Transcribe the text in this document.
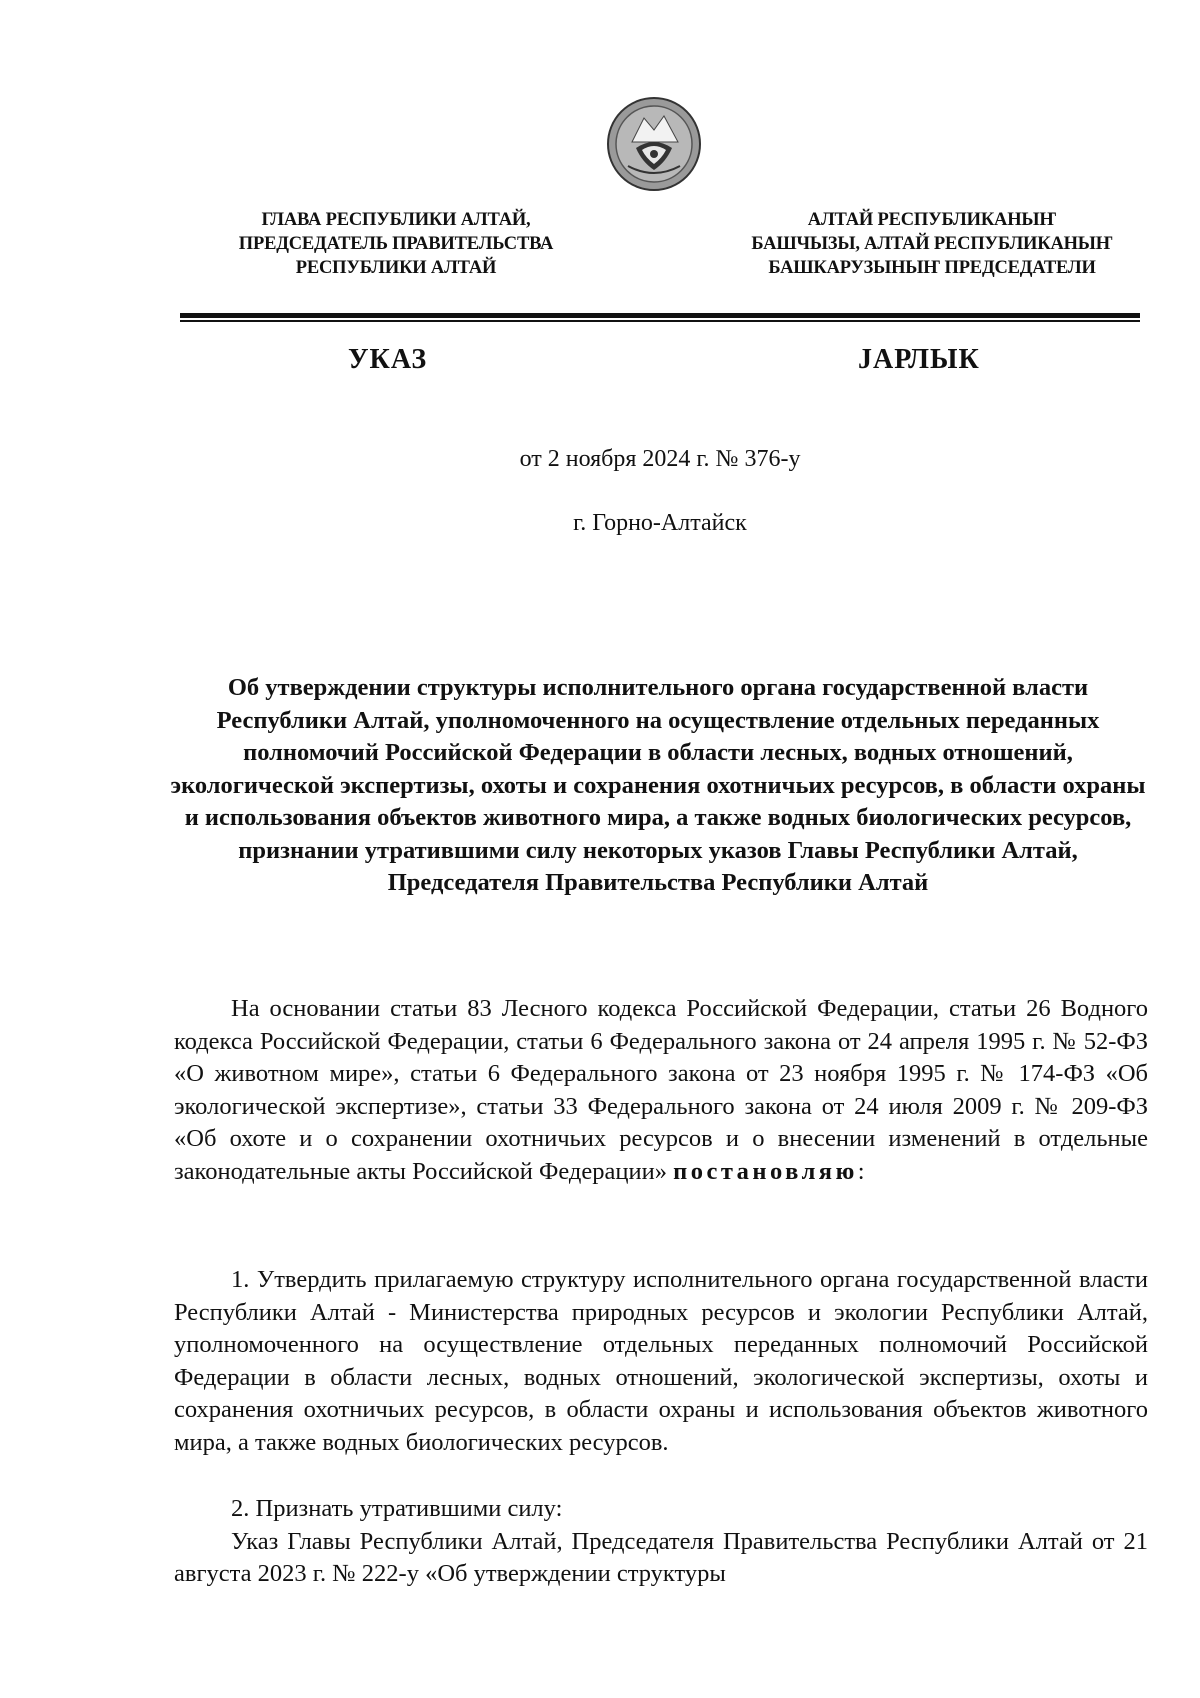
ГЛАВА РЕСПУБЛИКИ АЛТАЙ,
ПРЕДСЕДАТЕЛЬ ПРАВИТЕЛЬСТВА
РЕСПУБЛИКИ АЛТАЙ
АЛТАЙ РЕСПУБЛИКАНЫҤ
БАШЧЫЗЫ, АЛТАЙ РЕСПУБЛИКАНЫҤ
БАШКАРУЗЫНЫҤ ПРЕДСЕДАТЕЛИ
УКАЗ	ЈАРЛЫК
от 2 ноября 2024 г. № 376-у
г. Горно-Алтайск
Об утверждении структуры исполнительного органа государственной власти Республики Алтай, уполномоченного на осуществление отдельных переданных полномочий Российской Федерации в области лесных, водных отношений, экологической экспертизы, охоты и сохранения охотничьих ресурсов, в области охраны и использования объектов животного мира, а также водных биологических ресурсов, признании утратившими силу некоторых указов Главы Республики Алтай, Председателя Правительства Республики Алтай

На основании статьи 83 Лесного кодекса Российской Федерации, статьи 26 Водного кодекса Российской Федерации, статьи 6 Федерального закона от 24 апреля 1995 г. № 52-ФЗ «О животном мире», статьи 6 Федерального закона от 23 ноября 1995 г. № 174-ФЗ «Об экологической экспертизе», статьи 33 Федерального закона от 24 июля 2009 г. № 209-ФЗ «Об охоте и о сохранении охотничьих ресурсов и о внесении изменений в отдельные законодательные акты Российской Федерации» постановляю:

1. Утвердить прилагаемую структуру исполнительного органа государственной власти Республики Алтай - Министерства природных ресурсов и экологии Республики Алтай, уполномоченного на осуществление отдельных переданных полномочий Российской Федерации в области лесных, водных отношений, экологической экспертизы, охоты и сохранения охотничьих ресурсов, в области охраны и использования объектов животного мира, а также водных биологических ресурсов.

2. Признать утратившими силу:

Указ Главы Республики Алтай, Председателя Правительства Республики Алтай от 21 августа 2023 г. № 222-у «Об утверждении структуры
